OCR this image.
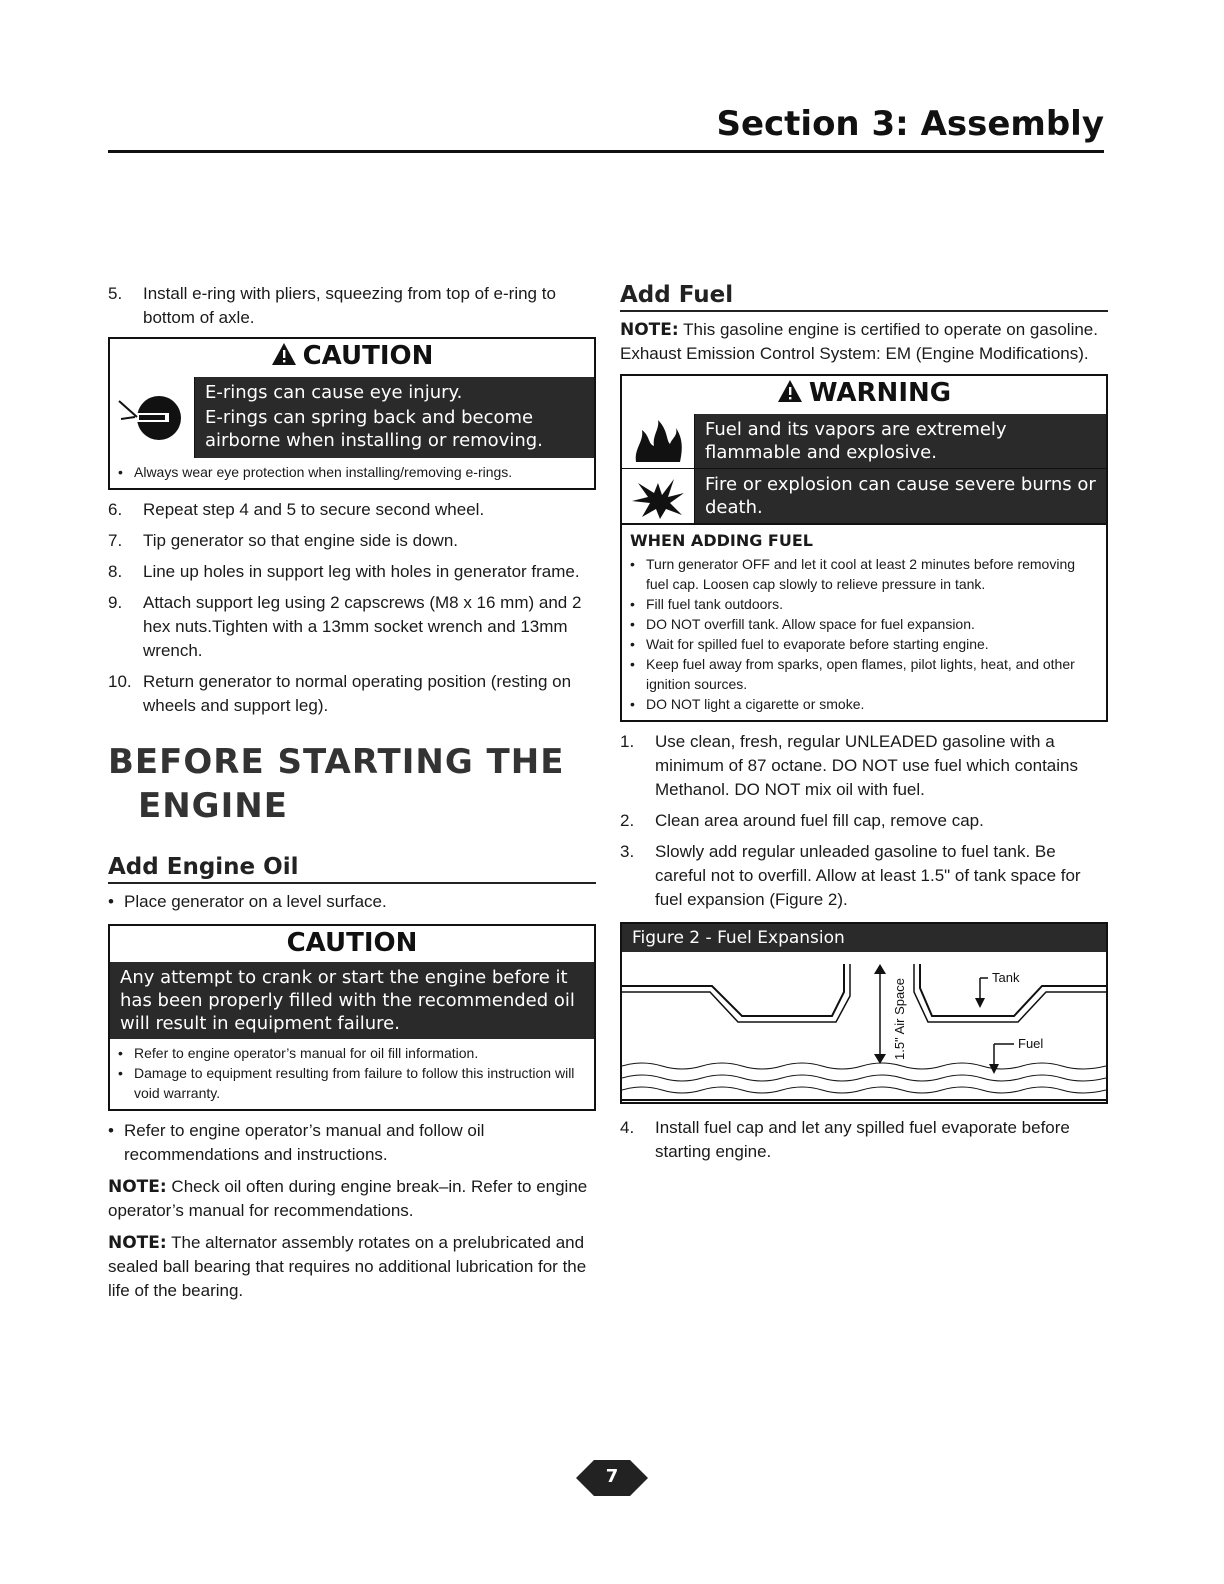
Section 3: Assembly
5.	Install e-ring with pliers, squeezing from top of e-ring to bottom of axle.
CAUTION

E-rings can cause eye injury.

E-rings can spring back and become airborne when installing or removing.

• Always wear eye protection when installing/removing e-rings.
6.	Repeat step 4 and 5 to secure second wheel.
7.	Tip generator so that engine side is down.
8.	Line up holes in support leg with holes in generator frame.
9.	Attach support leg using 2 capscrews (M8 x 16 mm) and 2 hex nuts.Tighten with a 13mm socket wrench and 13mm wrench.
10. Return generator to normal operating position (resting on wheels and support leg).
BEFORE STARTING THE
ENGINE
Add Engine Oil
• Place generator on a level surface.
CAUTION
Any attempt to crank or start the engine before it has been properly filled with the recommended oil will result in equipment failure.
• Refer to engine operator’s manual for oil fill information.
• Damage to equipment resulting from failure to follow this instruction will void warranty.
• Refer to engine operator’s manual and follow oil recommendations and instructions.
NOTE: Check oil often during engine break–in. Refer to engine operator’s manual for recommendations.
NOTE: The alternator assembly rotates on a prelubricated and sealed ball bearing that requires no additional lubrication for the life of the bearing.
Add Fuel
NOTE: This gasoline engine is certified to operate on gasoline. Exhaust Emission Control System: EM (Engine Modifications).
WARNING
Fuel and its vapors are extremely flammable and explosive.
Fire or explosion can cause severe burns or death.
WHEN ADDING FUEL
• Turn generator OFF and let it cool at least 2 minutes before removing fuel cap. Loosen cap slowly to relieve pressure in tank.
• Fill fuel tank outdoors.
• DO NOT overfill tank. Allow space for fuel expansion.
• Wait for spilled fuel to evaporate before starting engine.
• Keep fuel away from sparks, open flames, pilot lights, heat, and other ignition sources.
• DO NOT light a cigarette or smoke.
1.	Use clean, fresh, regular UNLEADED gasoline with a minimum of 87 octane. DO NOT use fuel which contains Methanol. DO NOT mix oil with fuel.
2.	Clean area around fuel fill cap, remove cap.
3.	Slowly add regular unleaded gasoline to fuel tank. Be careful not to overfill. Allow at least 1.5" of tank space for fuel expansion (Figure 2).
Figure 2 - Fuel Expansion
1.5" Air Space
Tank
Fuel
4.	Install fuel cap and let any spilled fuel evaporate before starting engine.
7
